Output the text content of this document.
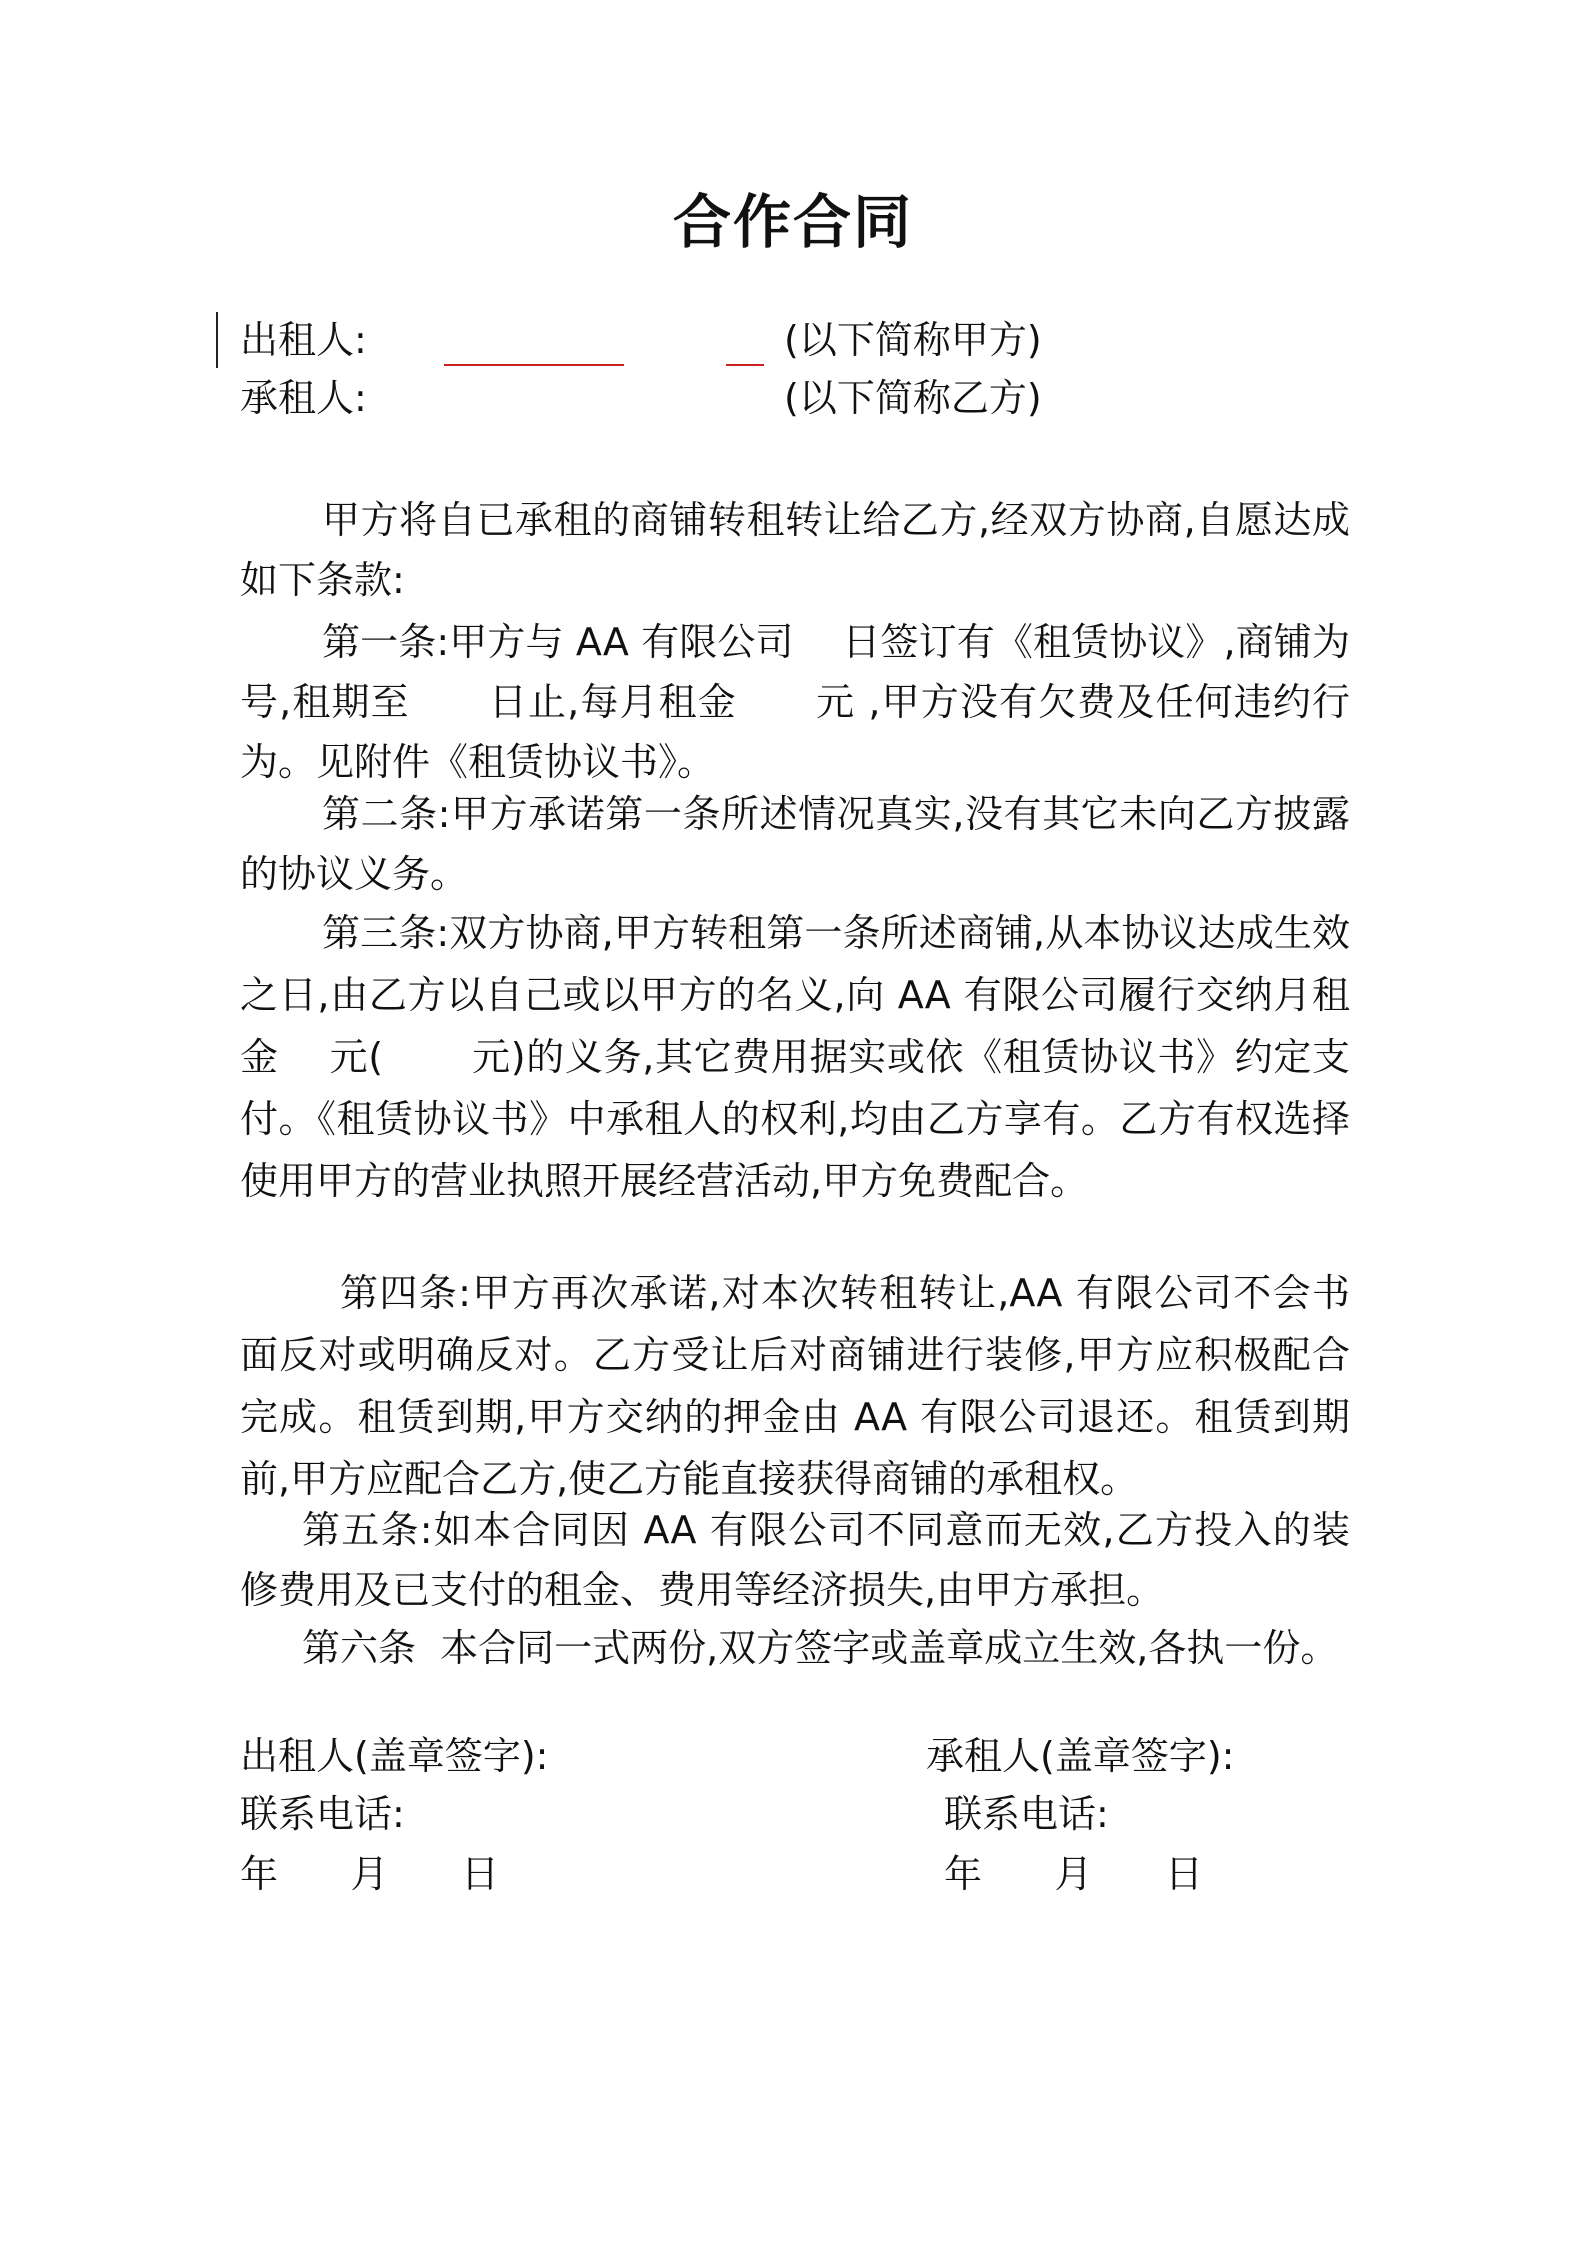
合作合同
出租人:	(以下简称甲方)
承租人:	(以下简称乙方)
甲方将自已承租的商铺转租转让给乙方,经双方协商,自愿达成如下条款:
第一条:甲方与 AA 有限公司    日签订有《租赁协议》,商铺为      号,租期至      日止,每月租金      元 ,甲方没有欠费及任何违约行为。见附件《租赁协议书》。
第二条:甲方承诺第一条所述情况真实,没有其它未向乙方披露的协议义务。
第三条:双方协商,甲方转租第一条所述商铺,从本协议达成生效之日,由乙方以自己或以甲方的名义,向 AA 有限公司履行交纳月租金    元(       元)的义务,其它费用据实或依《租赁协议书》约定支付。《租赁协议书》中承租人的权利,均由乙方享有。乙方有权选择使用甲方的营业执照开展经营活动,甲方免费配合。
第四条:甲方再次承诺,对本次转租转让,AA 有限公司不会书面反对或明确反对。乙方受让后对商铺进行装修,甲方应积极配合完成。租赁到期,甲方交纳的押金由 AA 有限公司退还。租赁到期前,甲方应配合乙方,使乙方能直接获得商铺的承租权。
第五条:如本合同因 AA 有限公司不同意而无效,乙方投入的装修费用及已支付的租金、费用等经济损失,由甲方承担。
第六条  本合同一式两份,双方签字或盖章成立生效,各执一份。
出租人(盖章签字):
联系电话:
年      月      日
承租人(盖章签字):
联系电话:
年      月      日
